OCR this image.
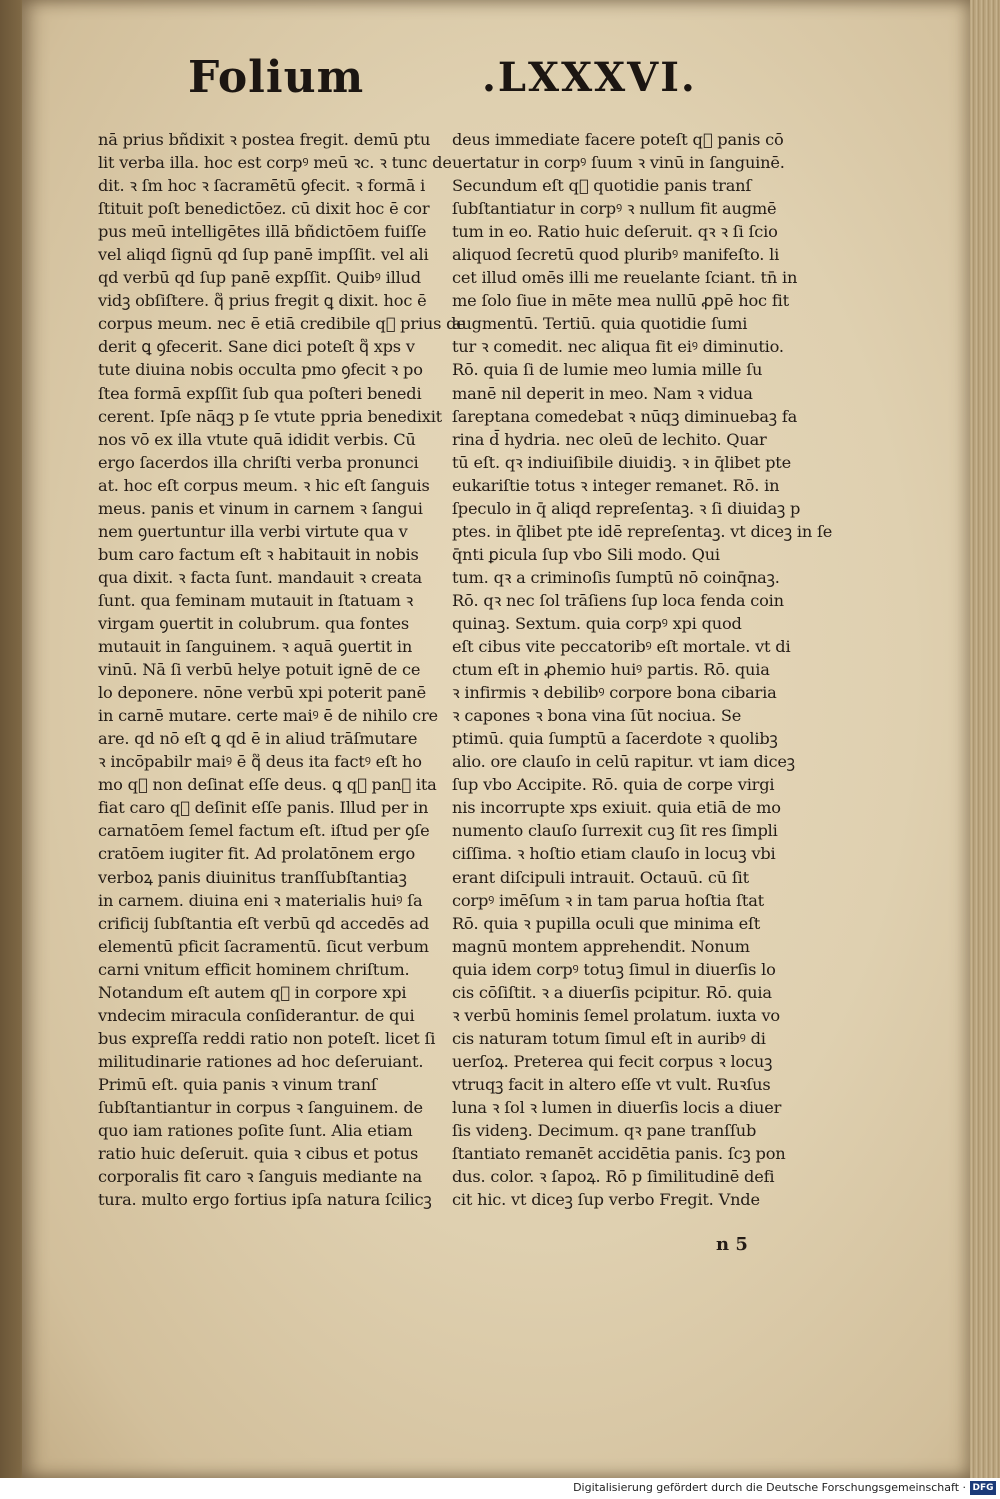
Folium	.LXXXVI.
nā prius bñdixit ꝛ postea fregit. demū ptu
lit verba illa. hoc est corpꝰ meū ꝛc. ꝛ tunc de
dit. ꝛ ſm hoc ꝛ ſacramētū ꝯfecit. ꝛ formā i
ſtituit poſt benedictōez. cū dixit hoc ē cor
pus meū intelligētes illā bñdictōem fuiſſe
vel aliqd ſignū qd ſup panē impſſit. vel ali
qd verbū qd ſup panē expſſit. Quibꝰ illud
vidꝫ obſiſtere. q᷑ prius fregit ꝗ dixit. hoc ē
corpus meum. nec ē etiā credibile q᷑ prius de
derit ꝗ ꝯfecerit. Sane dici poteſt q᷑ xps v
tute diuina nobis occulta pmo ꝯfecit ꝛ po
ſtea formā expſſit ſub qua poſteri benedi
cerent. Ipſe nāqꝫ p ſe vtute ppria benedixit
nos vō ex illa vtute quā ididit verbis. Cū
ergo ſacerdos illa chriſti verba pronunci
at. hoc eſt corpus meum. ꝛ hic eſt ſanguis
meus. panis et vinum in carnem ꝛ ſangui
nem ꝯuertuntur illa verbi virtute qua v
bum caro factum eſt ꝛ habitauit in nobis
qua dixit. ꝛ facta ſunt. mandauit ꝛ creata
ſunt. qua feminam mutauit in ſtatuam ꝛ
virgam ꝯuertit in colubrum. qua fontes
mutauit in ſanguinem. ꝛ aquā ꝯuertit in
vinū. Nā ſi verbū helye potuit ignē de ce
lo deponere. nōne verbū xpi poterit panē
in carnē mutare. certe maiꝰ ē de nihilo cre
are. qd nō eſt ꝗ qd ē in aliud trāſmutare
ꝛ incōpabilr maiꝰ ē q᷑ deus ita factꝰ eſt ho
mo q᷑ non deſinat eſſe deus. ꝗ q᷑ panꝭ ita
fiat caro q᷑ deſinit eſſe panis. Illud per in
carnatōem ſemel factum eſt. iſtud per ꝯſe
cratōem iugiter fit. Ad prolatōnem ergo
verboꝝ panis diuinitus tranſſubſtantiaꝫ
in carnem. diuina eni ꝛ materialis huiꝰ ſa
crificij ſubſtantia eſt verbū qd accedēs ad
elementū pficit ſacramentū. ſicut verbum
carni vnitum efficit hominem chriſtum.
Notandum eſt autem q᷑ in corpore xpi
vndecim miracula conſiderantur. de qui
bus expreſſa reddi ratio non poteſt. licet ſi
militudinarie rationes ad hoc deſeruiant.
Primū eſt. quia panis ꝛ vinum tranſ
ſubſtantiantur in corpus ꝛ ſanguinem. de
quo iam rationes poſite ſunt. Alia etiam
ratio huic deſeruit. quia ꝛ cibus et potus
corporalis fit caro ꝛ ſanguis mediante na
tura. multo ergo fortius ipſa natura ſcilicꝫ
deus immediate facere poteſt q᷑ panis cō
uertatur in corpꝰ ſuum ꝛ vinū in ſanguinē.
Secundum eſt q᷑ quotidie panis tranſ
ſubſtantiatur in corpꝰ ꝛ nullum fit augmē
tum in eo. Ratio huic deſeruit. qꝛ ꝛ ſi ſcio
aliquod ſecretū quod pluribꝰ manifeſto. li
cet illud omēs illi me reuelante ſciant. tn̄ in
me ſolo ſiue in mēte mea nullū ꝓpē hoc fit
augmentū. Tertiū. quia quotidie ſumi
tur ꝛ comedit. nec aliqua fit eiꝰ diminutio.
Rō. quia ſi de lumie meo lumia mille ſu
manē nil deperit in meo. Nam ꝛ vidua
ſareptana comedebat ꝛ nūqꝫ diminuebaꝫ fa
rina d̄ hydria. nec oleū de lechito. Quar
tū eſt. qꝛ indiuiſibile diuidiꝫ. ꝛ in q̄libet pte
eukariſtie totus ꝛ integer remanet. Rō. in
ſpeculo in q̄ aliqd repreſentaꝫ. ꝛ ſi diuidaꝫ p
ptes. in q̄libet pte idē repreſentaꝫ. vt diceꝫ in ſe
q̄nti ꝑicula ſup vbo Sili modo. Qui
tum. qꝛ a criminoſis ſumptū nō coinq̄naꝫ.
Rō. qꝛ nec ſol trāſiens ſup loca fenda coin
quinaꝫ. Sextum. quia corpꝰ xpi quod
eſt cibus vite peccatoribꝰ eſt mortale. vt di
ctum eſt in ꝓhemio huiꝰ partis. Rō. quia
ꝛ infirmis ꝛ debilibꝰ corpore bona cibaria
ꝛ capones ꝛ bona vina ſūt nociua. Se
ptimū. quia ſumptū a ſacerdote ꝛ quolibꝫ
alio. ore clauſo in celū rapitur. vt iam diceꝫ
ſup vbo Accipite. Rō. quia de corpe virgi
nis incorrupte xps exiuit. quia etiā de mo
numento clauſo ſurrexit cuꝫ ſit res ſimpli
ciſſima. ꝛ hoſtio etiam clauſo in locuꝫ vbi
erant diſcipuli intrauit. Octauū. cū ſit
corpꝰ imēſum ꝛ in tam parua hoſtia ſtat
Rō. quia ꝛ pupilla oculi que minima eſt
magnū montem apprehendit. Nonum
quia idem corpꝰ totuꝫ ſimul in diuerſis lo
cis cōſiſtit. ꝛ a diuerſis pcipitur. Rō. quia
ꝛ verbū hominis ſemel prolatum. iuxta vo
cis naturam totum ſimul eſt in auribꝰ di
uerſoꝝ. Preterea qui fecit corpus ꝛ locuꝫ
vtruqꝫ facit in altero eſſe vt vult. Ruꝛſus
luna ꝛ ſol ꝛ lumen in diuerſis locis a diuer
ſis videnꝫ. Decimum. qꝛ pane tranſſub
ſtantiato remanēt accidētia panis. ſcꝫ pon
dus. color. ꝛ ſapoꝝ. Rō p ſimilitudinē defi
cit hic. vt diceꝫ ſup verbo Fregit. Vnde
n 5
Digitalisierung gefördert durch die Deutsche Forschungsgemeinschaft · DFG
